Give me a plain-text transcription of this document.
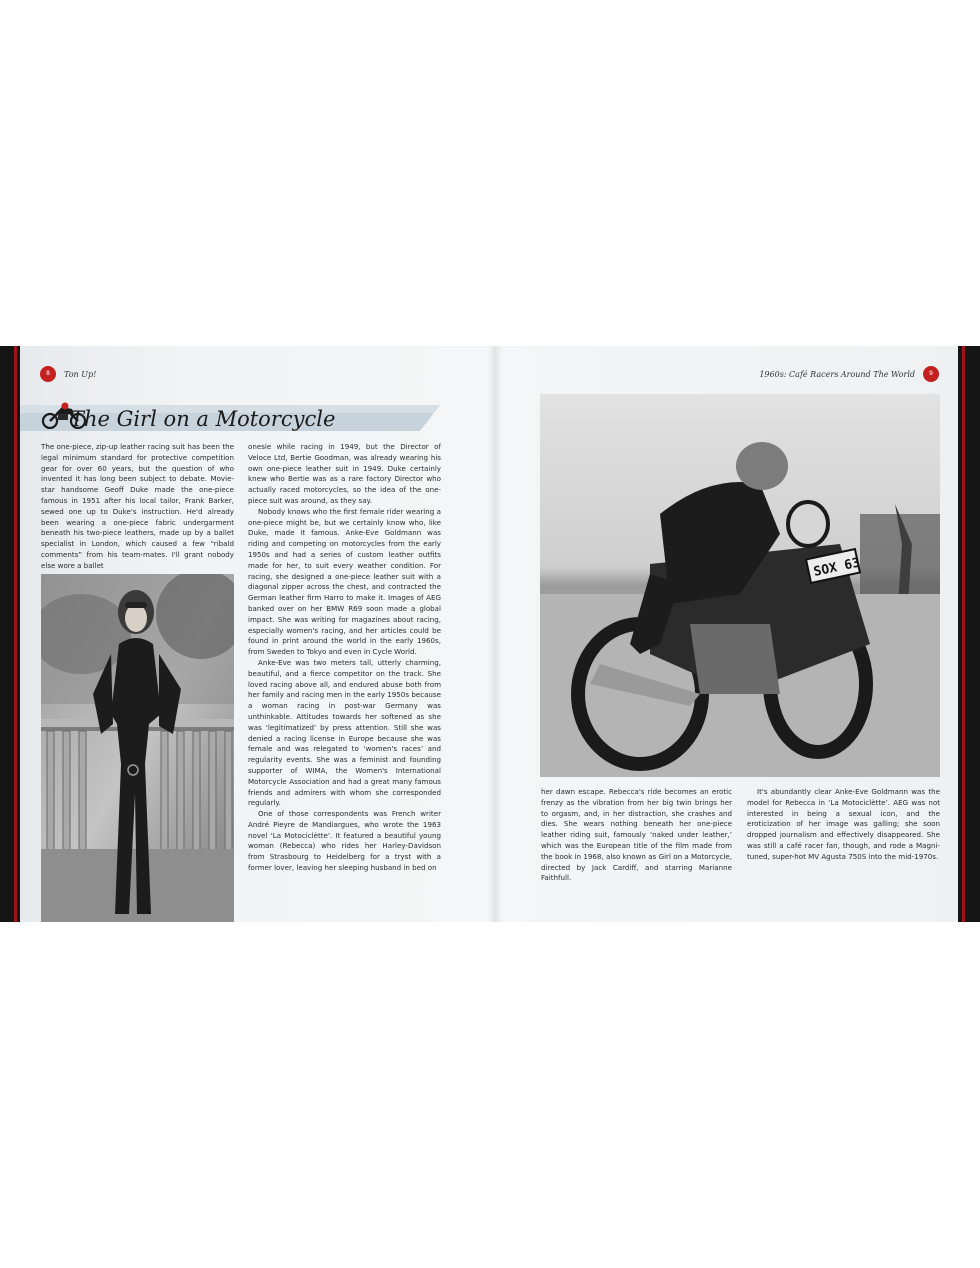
8	Ton Up!	1960s: Café Racers Around The World	9
The Girl on a Motorcycle

The one-piece, zip-up leather racing suit has been the legal minimum standard for protective competition gear for over 60 years, but the question of who invented it has long been subject to debate. Movie-star handsome Geoff Duke made the one-piece famous in 1951 after his local tailor, Frank Barker, sewed one up to Duke's instruction. He'd already been wearing a one-piece fabric undergarment beneath his two-piece leathers, made up by a ballet specialist in London, which caused a few “ribald comments” from his team-mates. I'll grant nobody else wore a ballet

onesie while racing in 1949, but the Director of Veloce Ltd, Bertie Goodman, was already wearing his own one-piece leather suit in 1949. Duke certainly knew who Bertie was as a rare factory Director who actually raced motorcycles, so the idea of the one-piece suit was around, as they say.

Nobody knows who the first female rider wearing a one-piece might be, but we certainly know who, like Duke, made it famous. Anke-Eve Goldmann was riding and competing on motorcycles from the early 1950s and had a series of custom leather outfits made for her, to suit every weather condition. For racing, she designed a one-piece leather suit with a diagonal zipper across the chest, and contracted the German leather firm Harro to make it. Images of AEG banked over on her BMW R69 soon made a global impact. She was writing for magazines about racing, especially women's racing, and her articles could be found in print around the world in the early 1960s, from Sweden to Tokyo and even in Cycle World.

Anke-Eve was two meters tall, utterly charming, beautiful, and a fierce competitor on the track. She loved racing above all, and endured abuse both from her family and racing men in the early 1950s because a woman racing in post-war Germany was unthinkable. Attitudes towards her softened as she was ‘legitimatized’ by press attention. Still she was denied a racing license in Europe because she was female and was relegated to ‘women's races’ and regularity events. She was a feminist and founding supporter of WIMA, the Women's International Motorcycle Association and had a great many famous friends and admirers with whom she corresponded regularly.

One of those correspondents was French writer André Pieyre de Mandiargues, who wrote the 1963 novel ‘La Motociclètte’. It featured a beautiful young woman (Rebecca) who rides her Harley-Davidson from Strasbourg to Heidelberg for a tryst with a former lover, leaving her sleeping husband in bed on

SOX 63

her dawn escape. Rebecca's ride becomes an erotic frenzy as the vibration from her big twin brings her to orgasm, and, in her distraction, she crashes and dies. She wears nothing beneath her one-piece leather riding suit, famously ‘naked under leather,’ which was the European title of the film made from the book in 1968, also known as Girl on a Motorcycle, directed by Jack Cardiff, and starring Marianne Faithfull.

It's abundantly clear Anke-Eve Goldmann was the model for Rebecca in ‘La Motociclètte’. AEG was not interested in being a sexual icon, and the eroticization of her image was galling; she soon dropped journalism and effectively disappeared. She was still a café racer fan, though, and rode a Magni-tuned, super-hot MV Agusta 750S into the mid-1970s.
